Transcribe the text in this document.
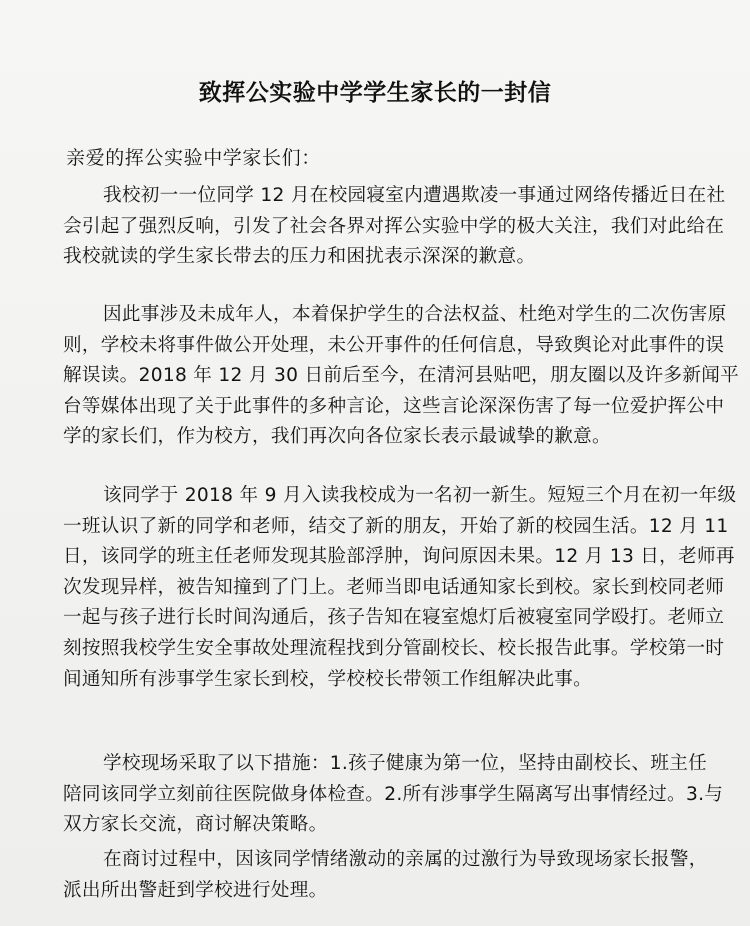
致挥公实验中学学生家长的一封信
亲爱的挥公实验中学家长们：
我校初一一位同学 12 月在校园寝室内遭遇欺凌一事通过网络传播近日在社
会引起了强烈反响，引发了社会各界对挥公实验中学的极大关注，我们对此给在
我校就读的学生家长带去的压力和困扰表示深深的歉意。
因此事涉及未成年人，本着保护学生的合法权益、杜绝对学生的二次伤害原
则，学校未将事件做公开处理，未公开事件的任何信息，导致舆论对此事件的误
解误读。2018 年 12 月 30 日前后至今，在清河县贴吧，朋友圈以及许多新闻平
台等媒体出现了关于此事件的多种言论，这些言论深深伤害了每一位爱护挥公中
学的家长们，作为校方，我们再次向各位家长表示最诚挚的歉意。
该同学于 2018 年 9 月入读我校成为一名初一新生。短短三个月在初一年级
一班认识了新的同学和老师，结交了新的朋友，开始了新的校园生活。12 月 11
日，该同学的班主任老师发现其脸部浮肿，询问原因未果。12 月 13 日，老师再
次发现异样，被告知撞到了门上。老师当即电话通知家长到校。家长到校同老师
一起与孩子进行长时间沟通后，孩子告知在寝室熄灯后被寝室同学殴打。老师立
刻按照我校学生安全事故处理流程找到分管副校长、校长报告此事。学校第一时
间通知所有涉事学生家长到校，学校校长带领工作组解决此事。
学校现场采取了以下措施：1.孩子健康为第一位，坚持由副校长、班主任
陪同该同学立刻前往医院做身体检查。2.所有涉事学生隔离写出事情经过。3.与
双方家长交流，商讨解决策略。
在商讨过程中，因该同学情绪激动的亲属的过激行为导致现场家长报警，
派出所出警赶到学校进行处理。
